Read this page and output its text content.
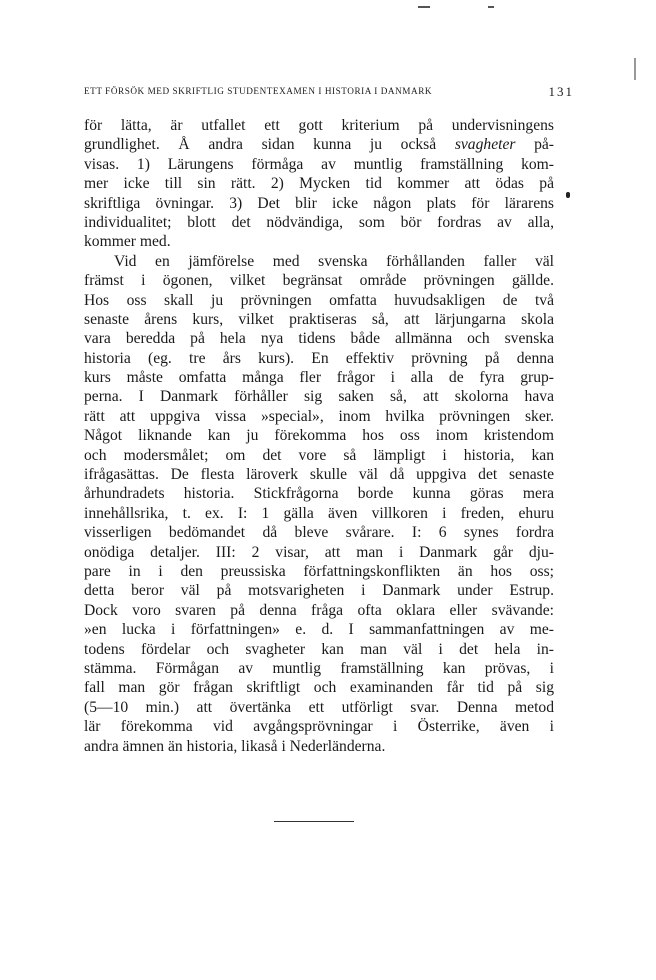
ETT FÖRSÖK MED SKRIFTLIG STUDENTEXAMEN I HISTORIA I DANMARK	131
för lätta, är utfallet ett gott kriterium på undervisningens
grundlighet. Å andra sidan kunna ju också svagheter på-
visas. 1) Lärungens förmåga av muntlig framställning kom-
mer icke till sin rätt. 2) Mycken tid kommer att ödas på
skriftliga övningar. 3) Det blir icke någon plats för lärarens
individualitet; blott det nödvändiga, som bör fordras av alla,
kommer med.
Vid en jämförelse med svenska förhållanden faller väl
främst i ögonen, vilket begränsat område prövningen gällde.
Hos oss skall ju prövningen omfatta huvudsakligen de två
senaste årens kurs, vilket praktiseras så, att lärjungarna skola
vara beredda på hela nya tidens både allmänna och svenska
historia (eg. tre års kurs). En effektiv prövning på denna
kurs måste omfatta många fler frågor i alla de fyra grup-
perna. I Danmark förhåller sig saken så, att skolorna hava
rätt att uppgiva vissa »special», inom hvilka prövningen sker.
Något liknande kan ju förekomma hos oss inom kristendom
och modersmålet; om det vore så lämpligt i historia, kan
ifrågasättas. De flesta läroverk skulle väl då uppgiva det senaste
århundradets historia. Stickfrågorna borde kunna göras mera
innehållsrika, t. ex. I: 1 gälla även villkoren i freden, ehuru
visserligen bedömandet då bleve svårare. I: 6 synes fordra
onödiga detaljer. III: 2 visar, att man i Danmark går dju-
pare in i den preussiska författningskonflikten än hos oss;
detta beror väl på motsvarigheten i Danmark under Estrup.
Dock voro svaren på denna fråga ofta oklara eller svävande:
»en lucka i författningen» e. d. I sammanfattningen av me-
todens fördelar och svagheter kan man väl i det hela in-
stämma. Förmågan av muntlig framställning kan prövas, i
fall man gör frågan skriftligt och examinanden får tid på sig
(5—10 min.) att övertänka ett utförligt svar. Denna metod
lär förekomma vid avgångsprövningar i Österrike, även i
andra ämnen än historia, likaså i Nederländerna.
